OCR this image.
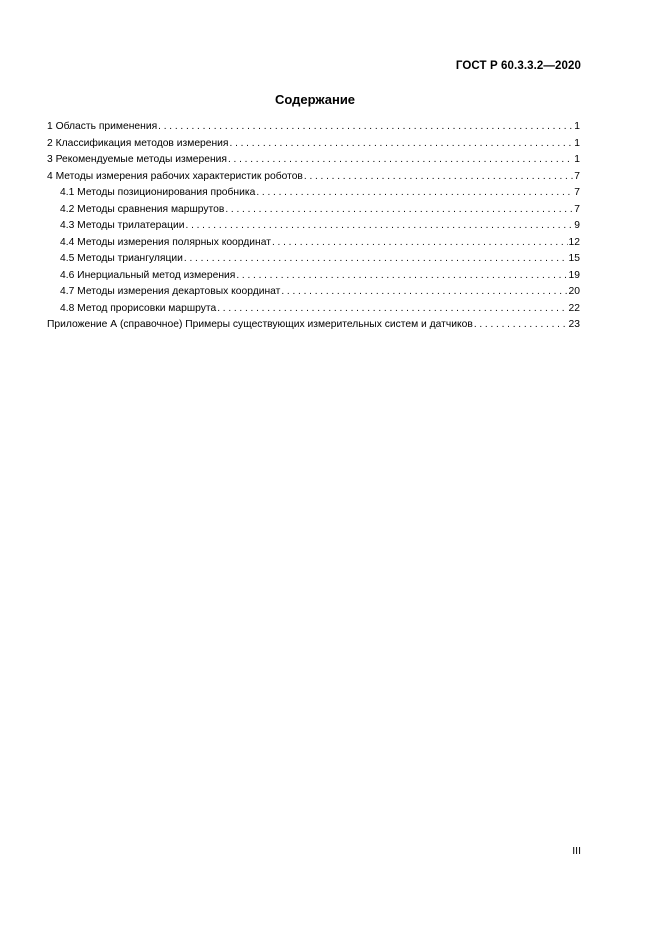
ГОСТ Р 60.3.3.2—2020
Содержание
1 Область применения . . .	1
2 Классификация методов измерения . . .	1
3 Рекомендуемые методы измерения . . .	1
4 Методы измерения рабочих характеристик роботов . . .	7
4.1 Методы позиционирования пробника . . .	7
4.2 Методы сравнения маршрутов . . .	7
4.3 Методы трилатерации . . .	9
4.4 Методы измерения полярных координат . . .	12
4.5 Методы триангуляции . . .	15
4.6 Инерциальный метод измерения . . .	19
4.7 Методы измерения декартовых координат . . .	20
4.8 Метод прорисовки маршрута . . .	22
Приложение А (справочное) Примеры существующих измерительных систем и датчиков . . .	23
III
